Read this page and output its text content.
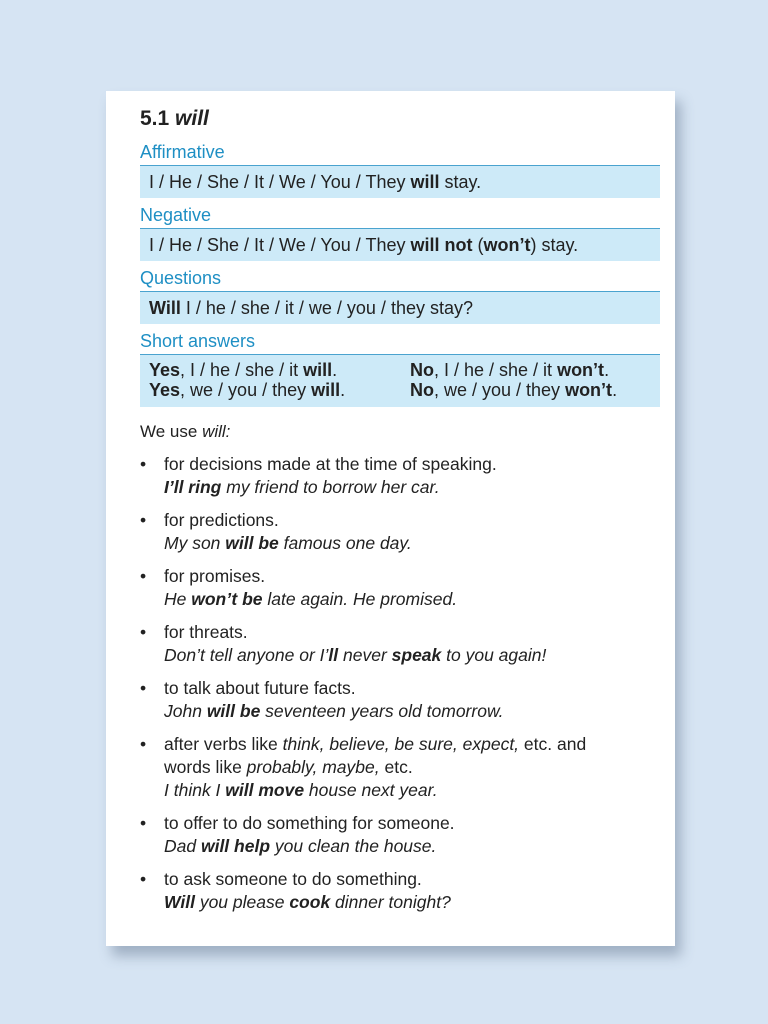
5.1 will
Affirmative
I / He / She / It / We / You / They will stay.
Negative
I / He / She / It / We / You / They will not (won’t) stay.
Questions
Will I / he / she / it / we / you / they stay?
Short answers
Yes, I / he / she / it will.	No, I / he / she / it won’t.
Yes, we / you / they will.	No, we / you / they won’t.
We use will:
• for decisions made at the time of speaking.
I’ll ring my friend to borrow her car.
• for predictions.
My son will be famous one day.
• for promises.
He won’t be late again. He promised.
• for threats.
Don’t tell anyone or I’ll never speak to you again!
• to talk about future facts.
John will be seventeen years old tomorrow.
• after verbs like think, believe, be sure, expect, etc. and
words like probably, maybe, etc.
I think I will move house next year.
• to offer to do something for someone.
Dad will help you clean the house.
• to ask someone to do something.
Will you please cook dinner tonight?
